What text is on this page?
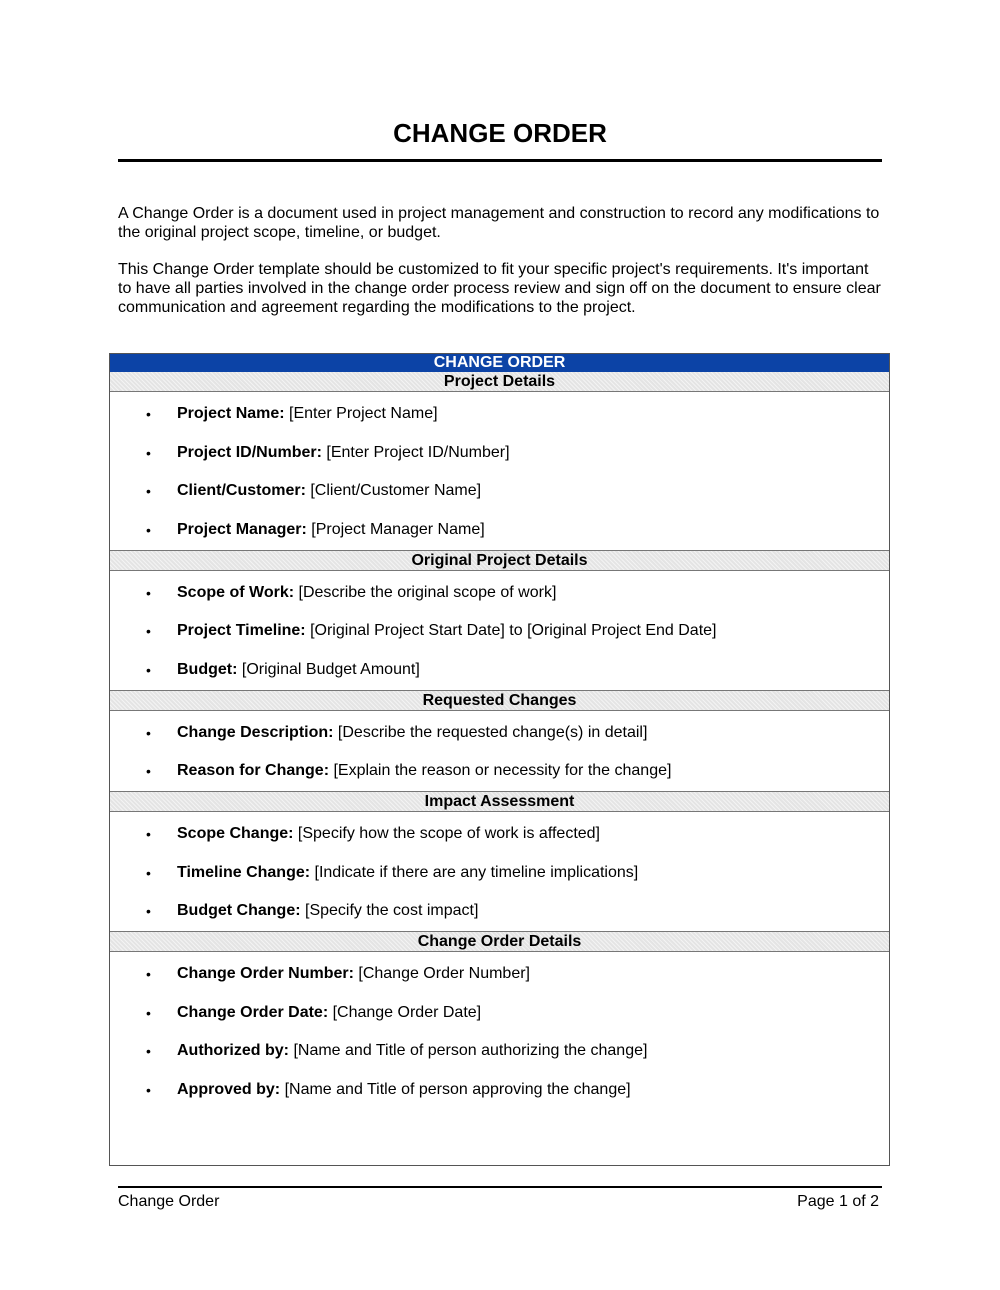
CHANGE ORDER

A Change Order is a document used in project management and construction to record any modifications to the original project scope, timeline, or budget.

This Change Order template should be customized to fit your specific project's requirements. It's important to have all parties involved in the change order process review and sign off on the document to ensure clear communication and agreement regarding the modifications to the project.

CHANGE ORDER
Project Details
• Project Name: [Enter Project Name]
• Project ID/Number: [Enter Project ID/Number]
• Client/Customer: [Client/Customer Name]
• Project Manager: [Project Manager Name]
Original Project Details
• Scope of Work: [Describe the original scope of work]
• Project Timeline: [Original Project Start Date] to [Original Project End Date]
• Budget: [Original Budget Amount]
Requested Changes
• Change Description: [Describe the requested change(s) in detail]
• Reason for Change: [Explain the reason or necessity for the change]
Impact Assessment
• Scope Change: [Specify how the scope of work is affected]
• Timeline Change: [Indicate if there are any timeline implications]
• Budget Change: [Specify the cost impact]
Change Order Details
• Change Order Number: [Change Order Number]
• Change Order Date: [Change Order Date]
• Authorized by: [Name and Title of person authorizing the change]
• Approved by: [Name and Title of person approving the change]
Change Order	Page 1 of 2
